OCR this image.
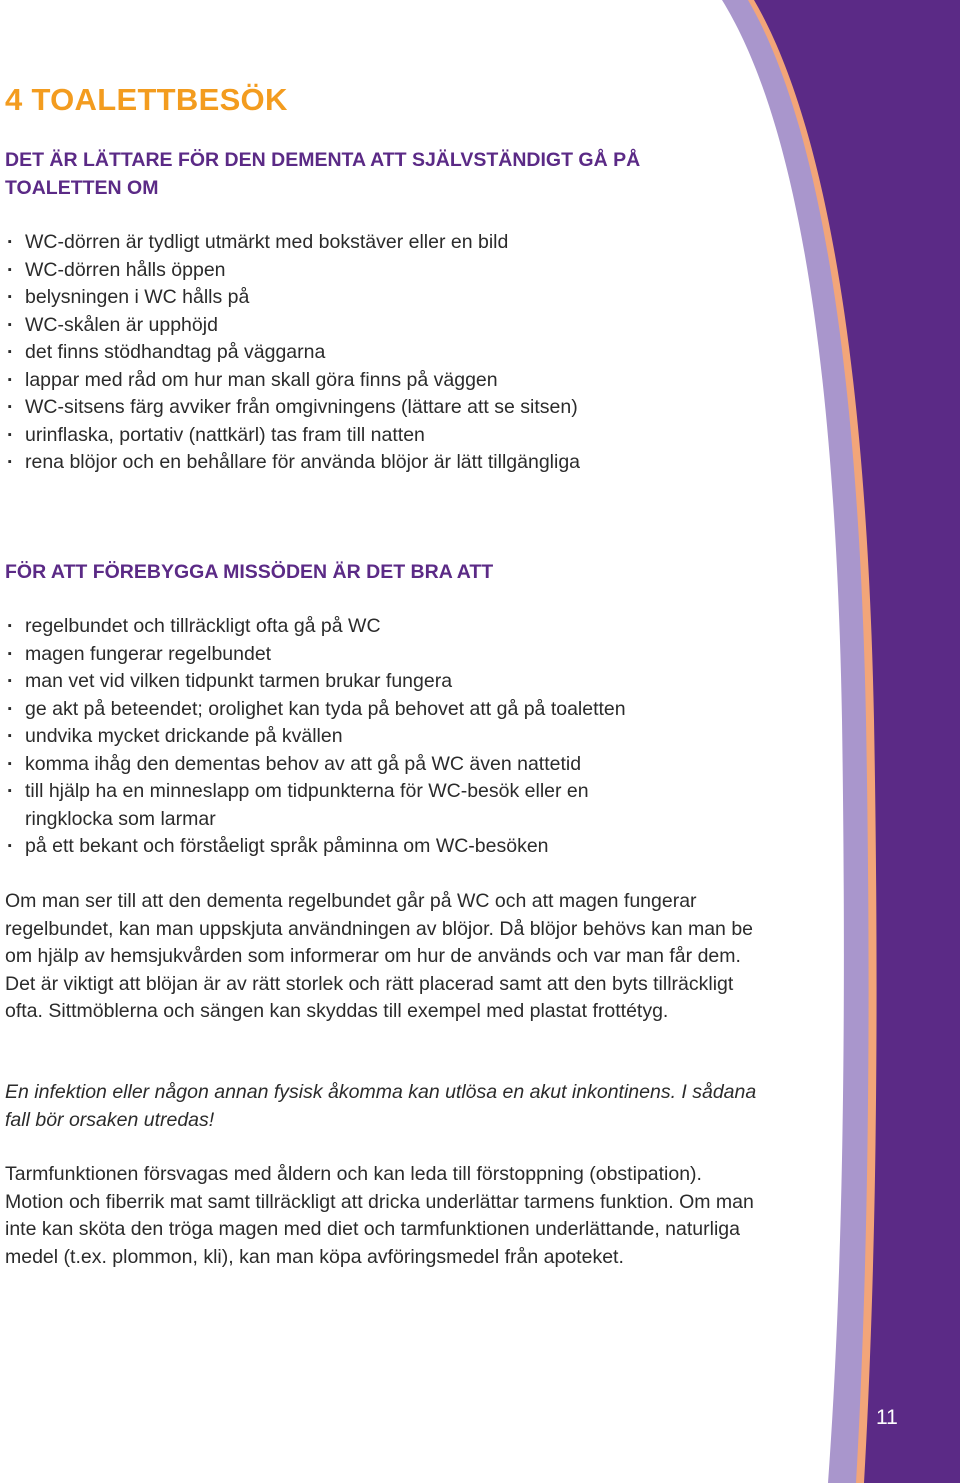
4 TOALETTBESÖK
DET ÄR LÄTTARE FÖR DEN DEMENTA ATT SJÄLVSTÄNDIGT GÅ PÅ TOALETTEN OM
· WC-dörren är tydligt utmärkt med bokstäver eller en bild
· WC-dörren hålls öppen
· belysningen i WC hålls på
· WC-skålen är upphöjd
· det finns stödhandtag på väggarna
· lappar med råd om hur man skall göra finns på väggen
· WC-sitsens färg avviker från omgivningens (lättare att se sitsen)
· urinflaska, portativ (nattkärl) tas fram till natten
· rena blöjor och en behållare för använda blöjor är lätt tillgängliga
FÖR ATT FÖREBYGGA MISSÖDEN ÄR DET BRA ATT
· regelbundet och tillräckligt ofta gå på WC
· magen fungerar regelbundet
· man vet vid vilken tidpunkt tarmen brukar fungera
· ge akt på beteendet; orolighet kan tyda på behovet att gå på toaletten
· undvika mycket drickande på kvällen
· komma ihåg den dementas behov av att gå på WC även nattetid
· till hjälp ha en minneslapp om tidpunkterna för WC-besök eller en
ringklocka som larmar
· på ett bekant och förståeligt språk påminna om WC-besöken

Om man ser till att den dementa regelbundet går på WC och att magen fungerar regelbundet, kan man uppskjuta användningen av blöjor. Då blöjor behövs kan man be om hjälp av hemsjukvården som informerar om hur de används och var man får dem. Det är viktigt att blöjan är av rätt storlek och rätt placerad samt att den byts tillräckligt ofta. Sittmöblerna och sängen kan skyddas till exempel med plastat frottétyg.

En infektion eller någon annan fysisk åkomma kan utlösa en akut inkontinens. I sådana fall bör orsaken utredas!

Tarmfunktionen försvagas med åldern och kan leda till förstoppning (obstipation). Motion och fiberrik mat samt tillräckligt att dricka underlättar tarmens funktion. Om man inte kan sköta den tröga magen med diet och tarmfunktionen underlättande, naturliga medel (t.ex. plommon, kli), kan man köpa avföringsmedel från apoteket.

11
